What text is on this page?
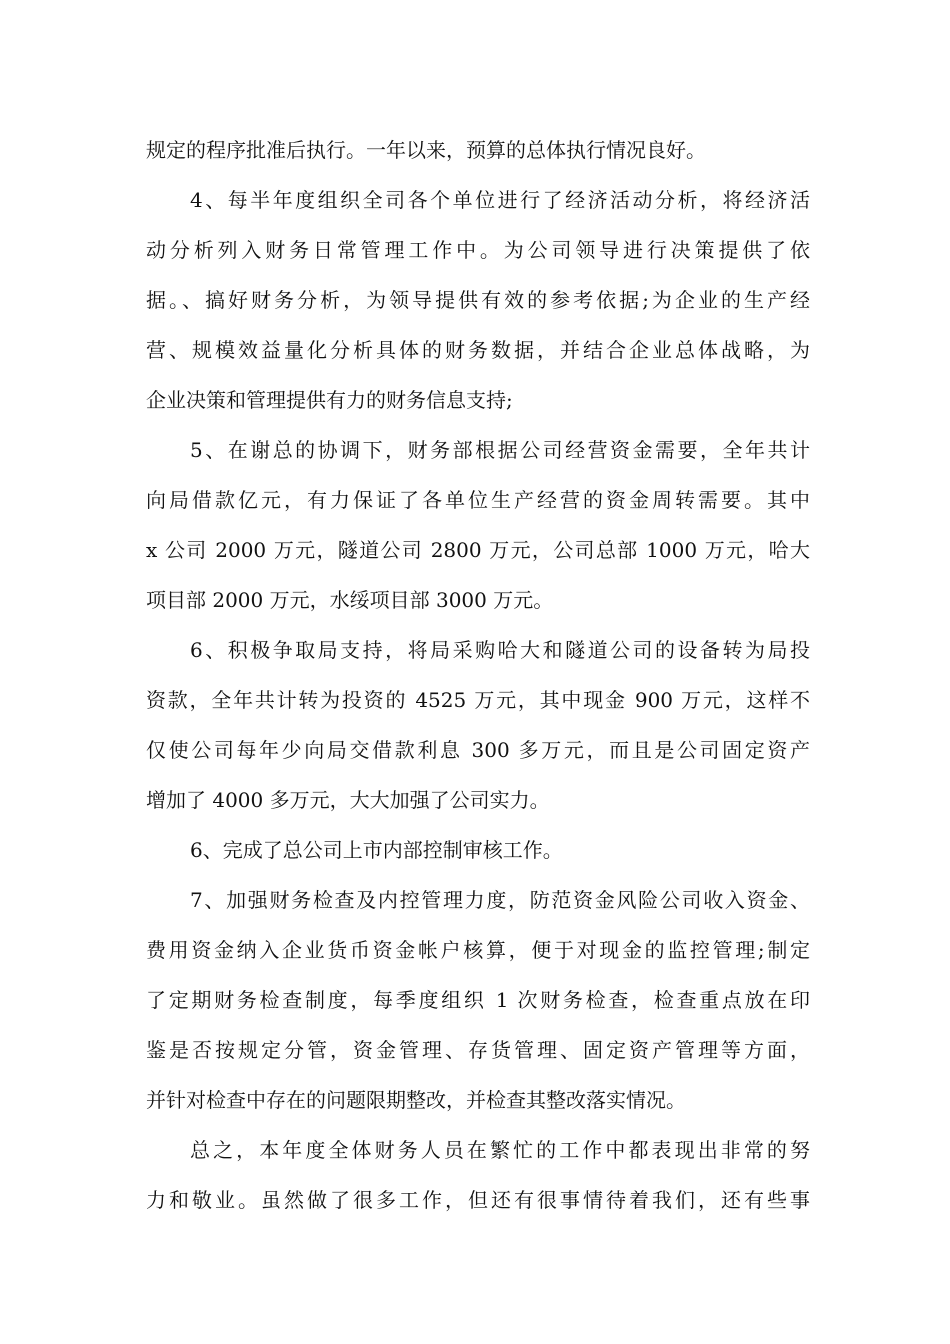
规定的程序批准后执行。一年以来，预算的总体执行情况良好。
4、每半年度组织全司各个单位进行了经济活动分析，将经济活
动分析列入财务日常管理工作中。为公司领导进行决策提供了依
据。、搞好财务分析，为领导提供有效的参考依据;为企业的生产经
营、规模效益量化分析具体的财务数据，并结合企业总体战略，为
企业决策和管理提供有力的财务信息支持;
5、在谢总的协调下，财务部根据公司经营资金需要，全年共计
向局借款亿元，有力保证了各单位生产经营的资金周转需要。其中
x 公司 2000 万元，隧道公司 2800 万元，公司总部 1000 万元，哈大
项目部 2000 万元，水绥项目部 3000 万元。
6、积极争取局支持，将局采购哈大和隧道公司的设备转为局投
资款，全年共计转为投资的 4525 万元，其中现金 900 万元，这样不
仅使公司每年少向局交借款利息 300 多万元，而且是公司固定资产
增加了 4000 多万元，大大加强了公司实力。
6、完成了总公司上市内部控制审核工作。
7、加强财务检查及内控管理力度，防范资金风险公司收入资金、
费用资金纳入企业货币资金帐户核算，便于对现金的监控管理;制定
了定期财务检查制度，每季度组织 1 次财务检查，检查重点放在印
鉴是否按规定分管，资金管理、存货管理、固定资产管理等方面，
并针对检查中存在的问题限期整改，并检查其整改落实情况。
总之，本年度全体财务人员在繁忙的工作中都表现出非常的努
力和敬业。虽然做了很多工作，但还有很事情待着我们，还有些事
